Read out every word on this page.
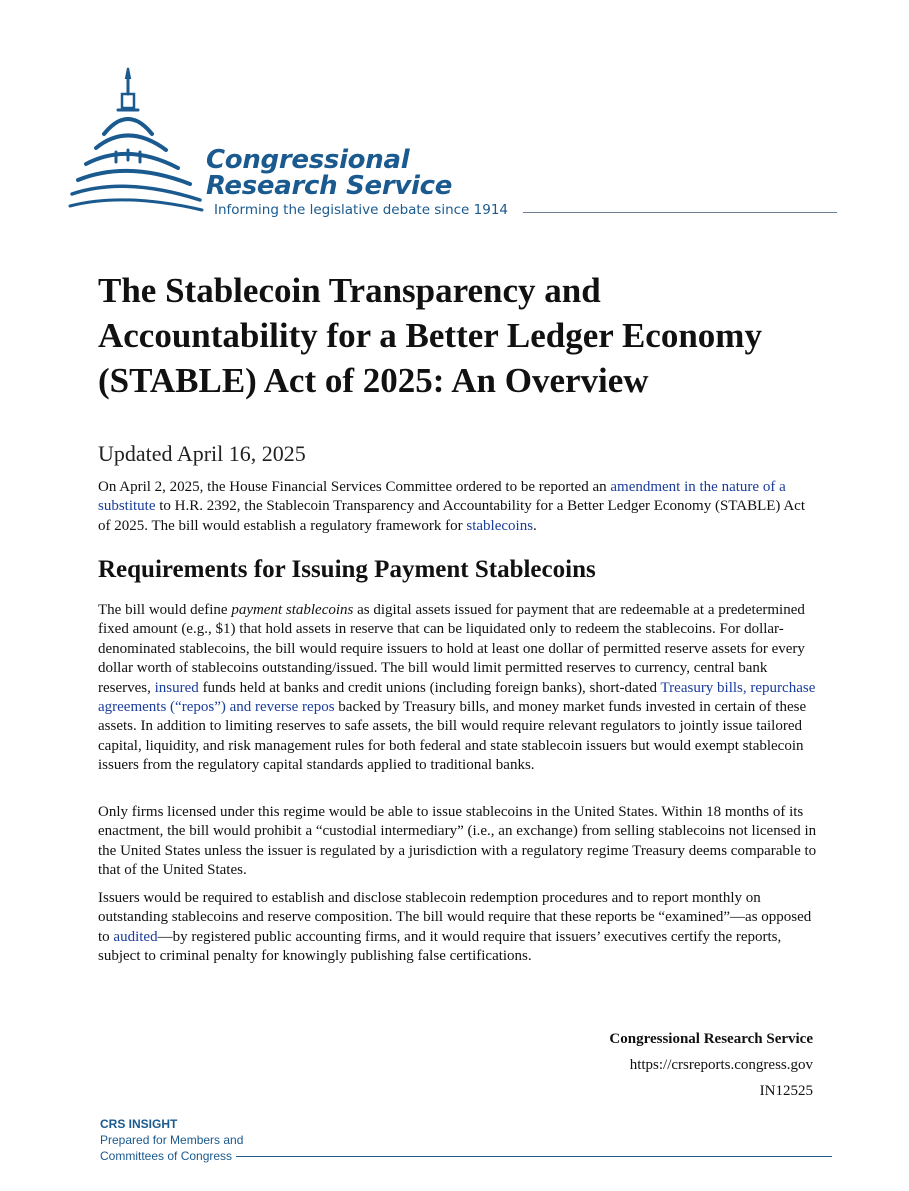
Congressional
Research Service
Informing the legislative debate since 1914
The Stablecoin Transparency and Accountability for a Better Ledger Economy (STABLE) Act of 2025: An Overview
Updated April 16, 2025

On April 2, 2025, the House Financial Services Committee ordered to be reported an amendment in the nature of a substitute to H.R. 2392, the Stablecoin Transparency and Accountability for a Better Ledger Economy (STABLE) Act of 2025. The bill would establish a regulatory framework for stablecoins.

Requirements for Issuing Payment Stablecoins

The bill would define payment stablecoins as digital assets issued for payment that are redeemable at a predetermined fixed amount (e.g., $1) that hold assets in reserve that can be liquidated only to redeem the stablecoins. For dollar-denominated stablecoins, the bill would require issuers to hold at least one dollar of permitted reserve assets for every dollar worth of stablecoins outstanding/issued. The bill would limit permitted reserves to currency, central bank reserves, insured funds held at banks and credit unions (including foreign banks), short-dated Treasury bills, repurchase agreements (“repos”) and reverse repos backed by Treasury bills, and money market funds invested in certain of these assets. In addition to limiting reserves to safe assets, the bill would require relevant regulators to jointly issue tailored capital, liquidity, and risk management rules for both federal and state stablecoin issuers but would exempt stablecoin issuers from the regulatory capital standards applied to traditional banks.

Only firms licensed under this regime would be able to issue stablecoins in the United States. Within 18 months of its enactment, the bill would prohibit a “custodial intermediary” (i.e., an exchange) from selling stablecoins not licensed in the United States unless the issuer is regulated by a jurisdiction with a regulatory regime Treasury deems comparable to that of the United States.

Issuers would be required to establish and disclose stablecoin redemption procedures and to report monthly on outstanding stablecoins and reserve composition. The bill would require that these reports be “examined”—as opposed to audited—by registered public accounting firms, and it would require that issuers’ executives certify the reports, subject to criminal penalty for knowingly publishing false certifications.

Congressional Research Service
https://crsreports.congress.gov
IN12525
CRS INSIGHT
Prepared for Members and
Committees of Congress
